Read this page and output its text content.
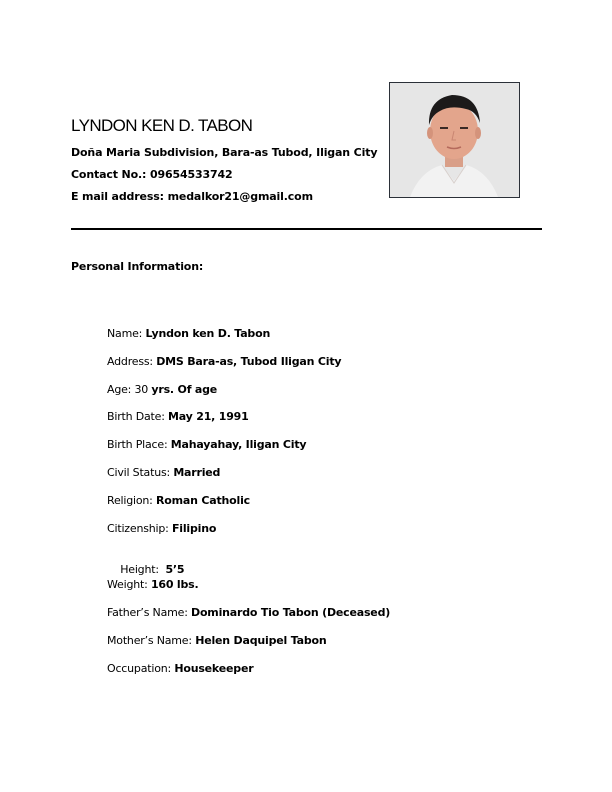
LYNDON KEN D. TABON
Doña Maria Subdivision, Bara-as Tubod, Iligan City
Contact No.: 09654533742
E mail address: medalkor21@gmail.com
Personal Information:
Name: Lyndon ken D. Tabon
Address: DMS Bara-as, Tubod Iligan City
Age: 30 yrs. Of age
Birth Date: May 21, 1991
Birth Place: Mahayahay, Iligan City
Civil Status: Married
Religion: Roman Catholic
Citizenship: Filipino

Height:  5’5

Weight: 160 lbs.
Father’s Name: Dominardo Tio Tabon (Deceased)
Mother’s Name: Helen Daquipel Tabon
Occupation: Housekeeper
